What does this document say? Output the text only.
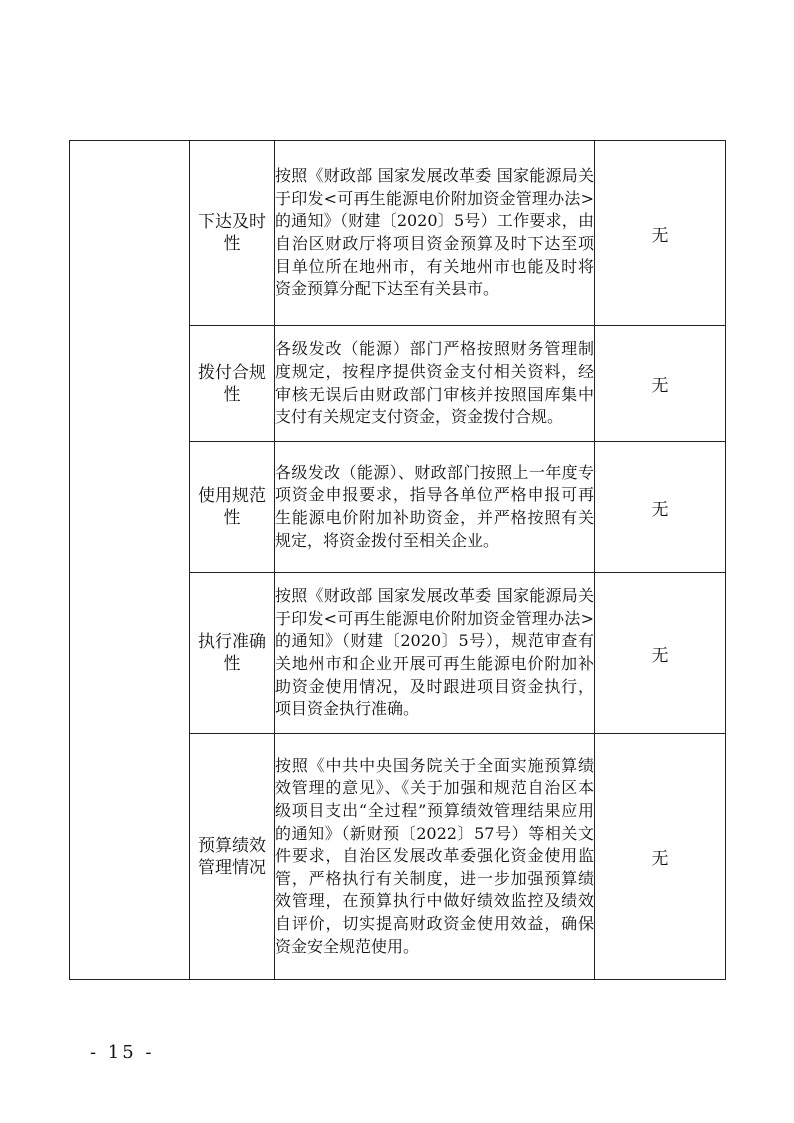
	下达及时性	按照《财政部 国家发展改革委 国家能源局关于印发<可再生能源电价附加资金管理办法>的通知》（财建〔2020〕5号）工作要求，由自治区财政厅将项目资金预算及时下达至项目单位所在地州市，有关地州市也能及时将资金预算分配下达至有关县市。	无
	拨付合规性	各级发改（能源）部门严格按照财务管理制度规定，按程序提供资金支付相关资料，经审核无误后由财政部门审核并按照国库集中支付有关规定支付资金，资金拨付合规。	无
	使用规范性	各级发改（能源）、财政部门按照上一年度专项资金申报要求，指导各单位严格申报可再生能源电价附加补助资金，并严格按照有关规定，将资金拨付至相关企业。	无
	执行准确性	按照《财政部 国家发展改革委 国家能源局关于印发<可再生能源电价附加资金管理办法>的通知》（财建〔2020〕5号），规范审查有关地州市和企业开展可再生能源电价附加补助资金使用情况，及时跟进项目资金执行，项目资金执行准确。	无
	预算绩效管理情况	按照《中共中央国务院关于全面实施预算绩效管理的意见》、《关于加强和规范自治区本级项目支出“全过程”预算绩效管理结果应用的通知》（新财预〔2022〕57号）等相关文件要求，自治区发展改革委强化资金使用监管，严格执行有关制度，进一步加强预算绩效管理，在预算执行中做好绩效监控及绩效自评价，切实提高财政资金使用效益，确保资金安全规范使用。	无
- 15 -
